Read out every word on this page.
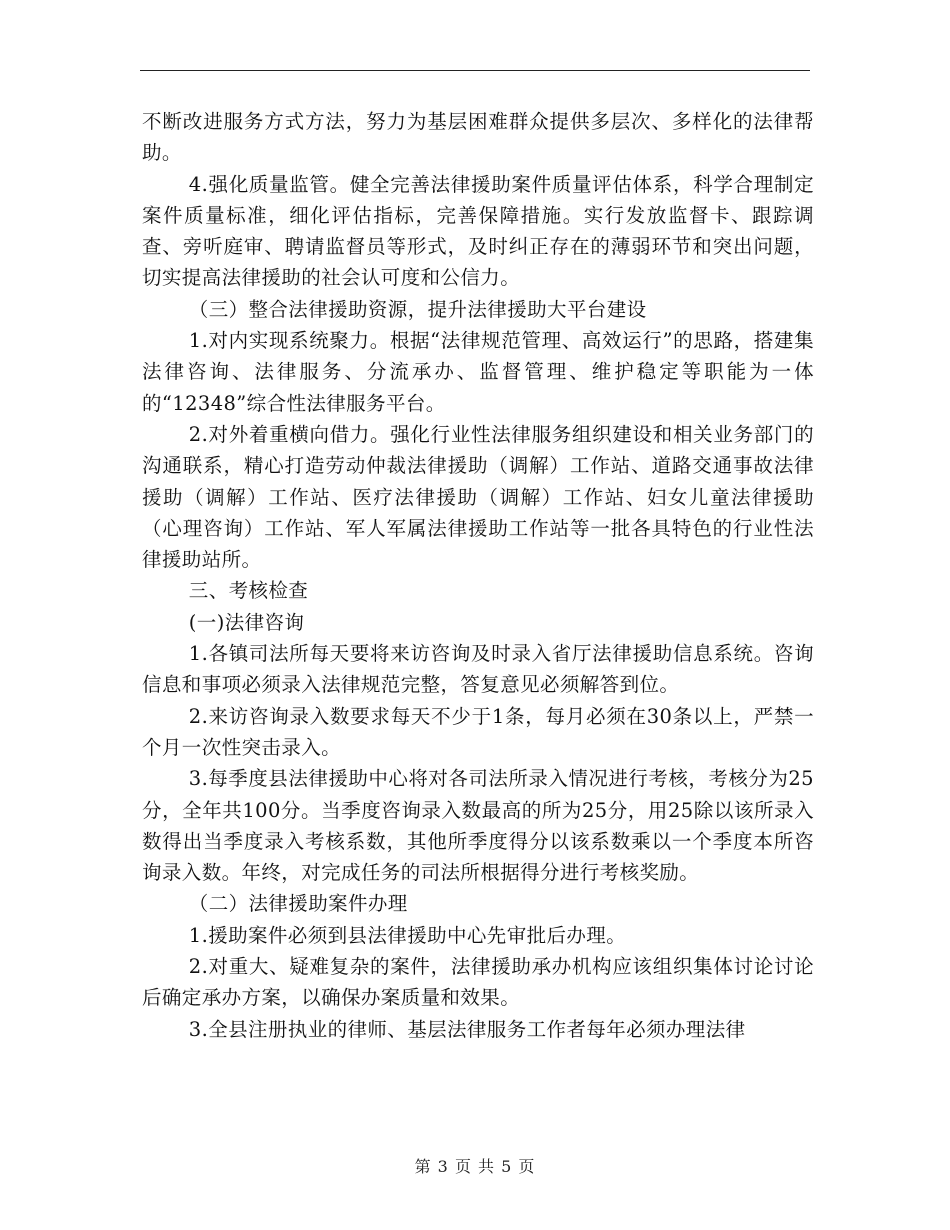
不断改进服务方式方法，努力为基层困难群众提供多层次、多样化的法律帮助。

4.强化质量监管。健全完善法律援助案件质量评估体系，科学合理制定案件质量标准，细化评估指标，完善保障措施。实行发放监督卡、跟踪调查、旁听庭审、聘请监督员等形式，及时纠正存在的薄弱环节和突出问题，切实提高法律援助的社会认可度和公信力。

（三）整合法律援助资源，提升法律援助大平台建设

1.对内实现系统聚力。根据“法律规范管理、高效运行”的思路，搭建集法律咨询、法律服务、分流承办、监督管理、维护稳定等职能为一体的“12348”综合性法律服务平台。

2.对外着重横向借力。强化行业性法律服务组织建设和相关业务部门的沟通联系，精心打造劳动仲裁法律援助（调解）工作站、道路交通事故法律援助（调解）工作站、医疗法律援助（调解）工作站、妇女儿童法律援助（心理咨询）工作站、军人军属法律援助工作站等一批各具特色的行业性法律援助站所。

三、考核检查

(一)法律咨询

1.各镇司法所每天要将来访咨询及时录入省厅法律援助信息系统。咨询信息和事项必须录入法律规范完整，答复意见必须解答到位。

2.来访咨询录入数要求每天不少于1条，每月必须在30条以上，严禁一个月一次性突击录入。

3.每季度县法律援助中心将对各司法所录入情况进行考核，考核分为25分，全年共100分。当季度咨询录入数最高的所为25分，用25除以该所录入数得出当季度录入考核系数，其他所季度得分以该系数乘以一个季度本所咨询录入数。年终，对完成任务的司法所根据得分进行考核奖励。

（二）法律援助案件办理

1.援助案件必须到县法律援助中心先审批后办理。

2.对重大、疑难复杂的案件，法律援助承办机构应该组织集体讨论讨论后确定承办方案，以确保办案质量和效果。

3.全县注册执业的律师、基层法律服务工作者每年必须办理法律

第 3 页 共 5 页
